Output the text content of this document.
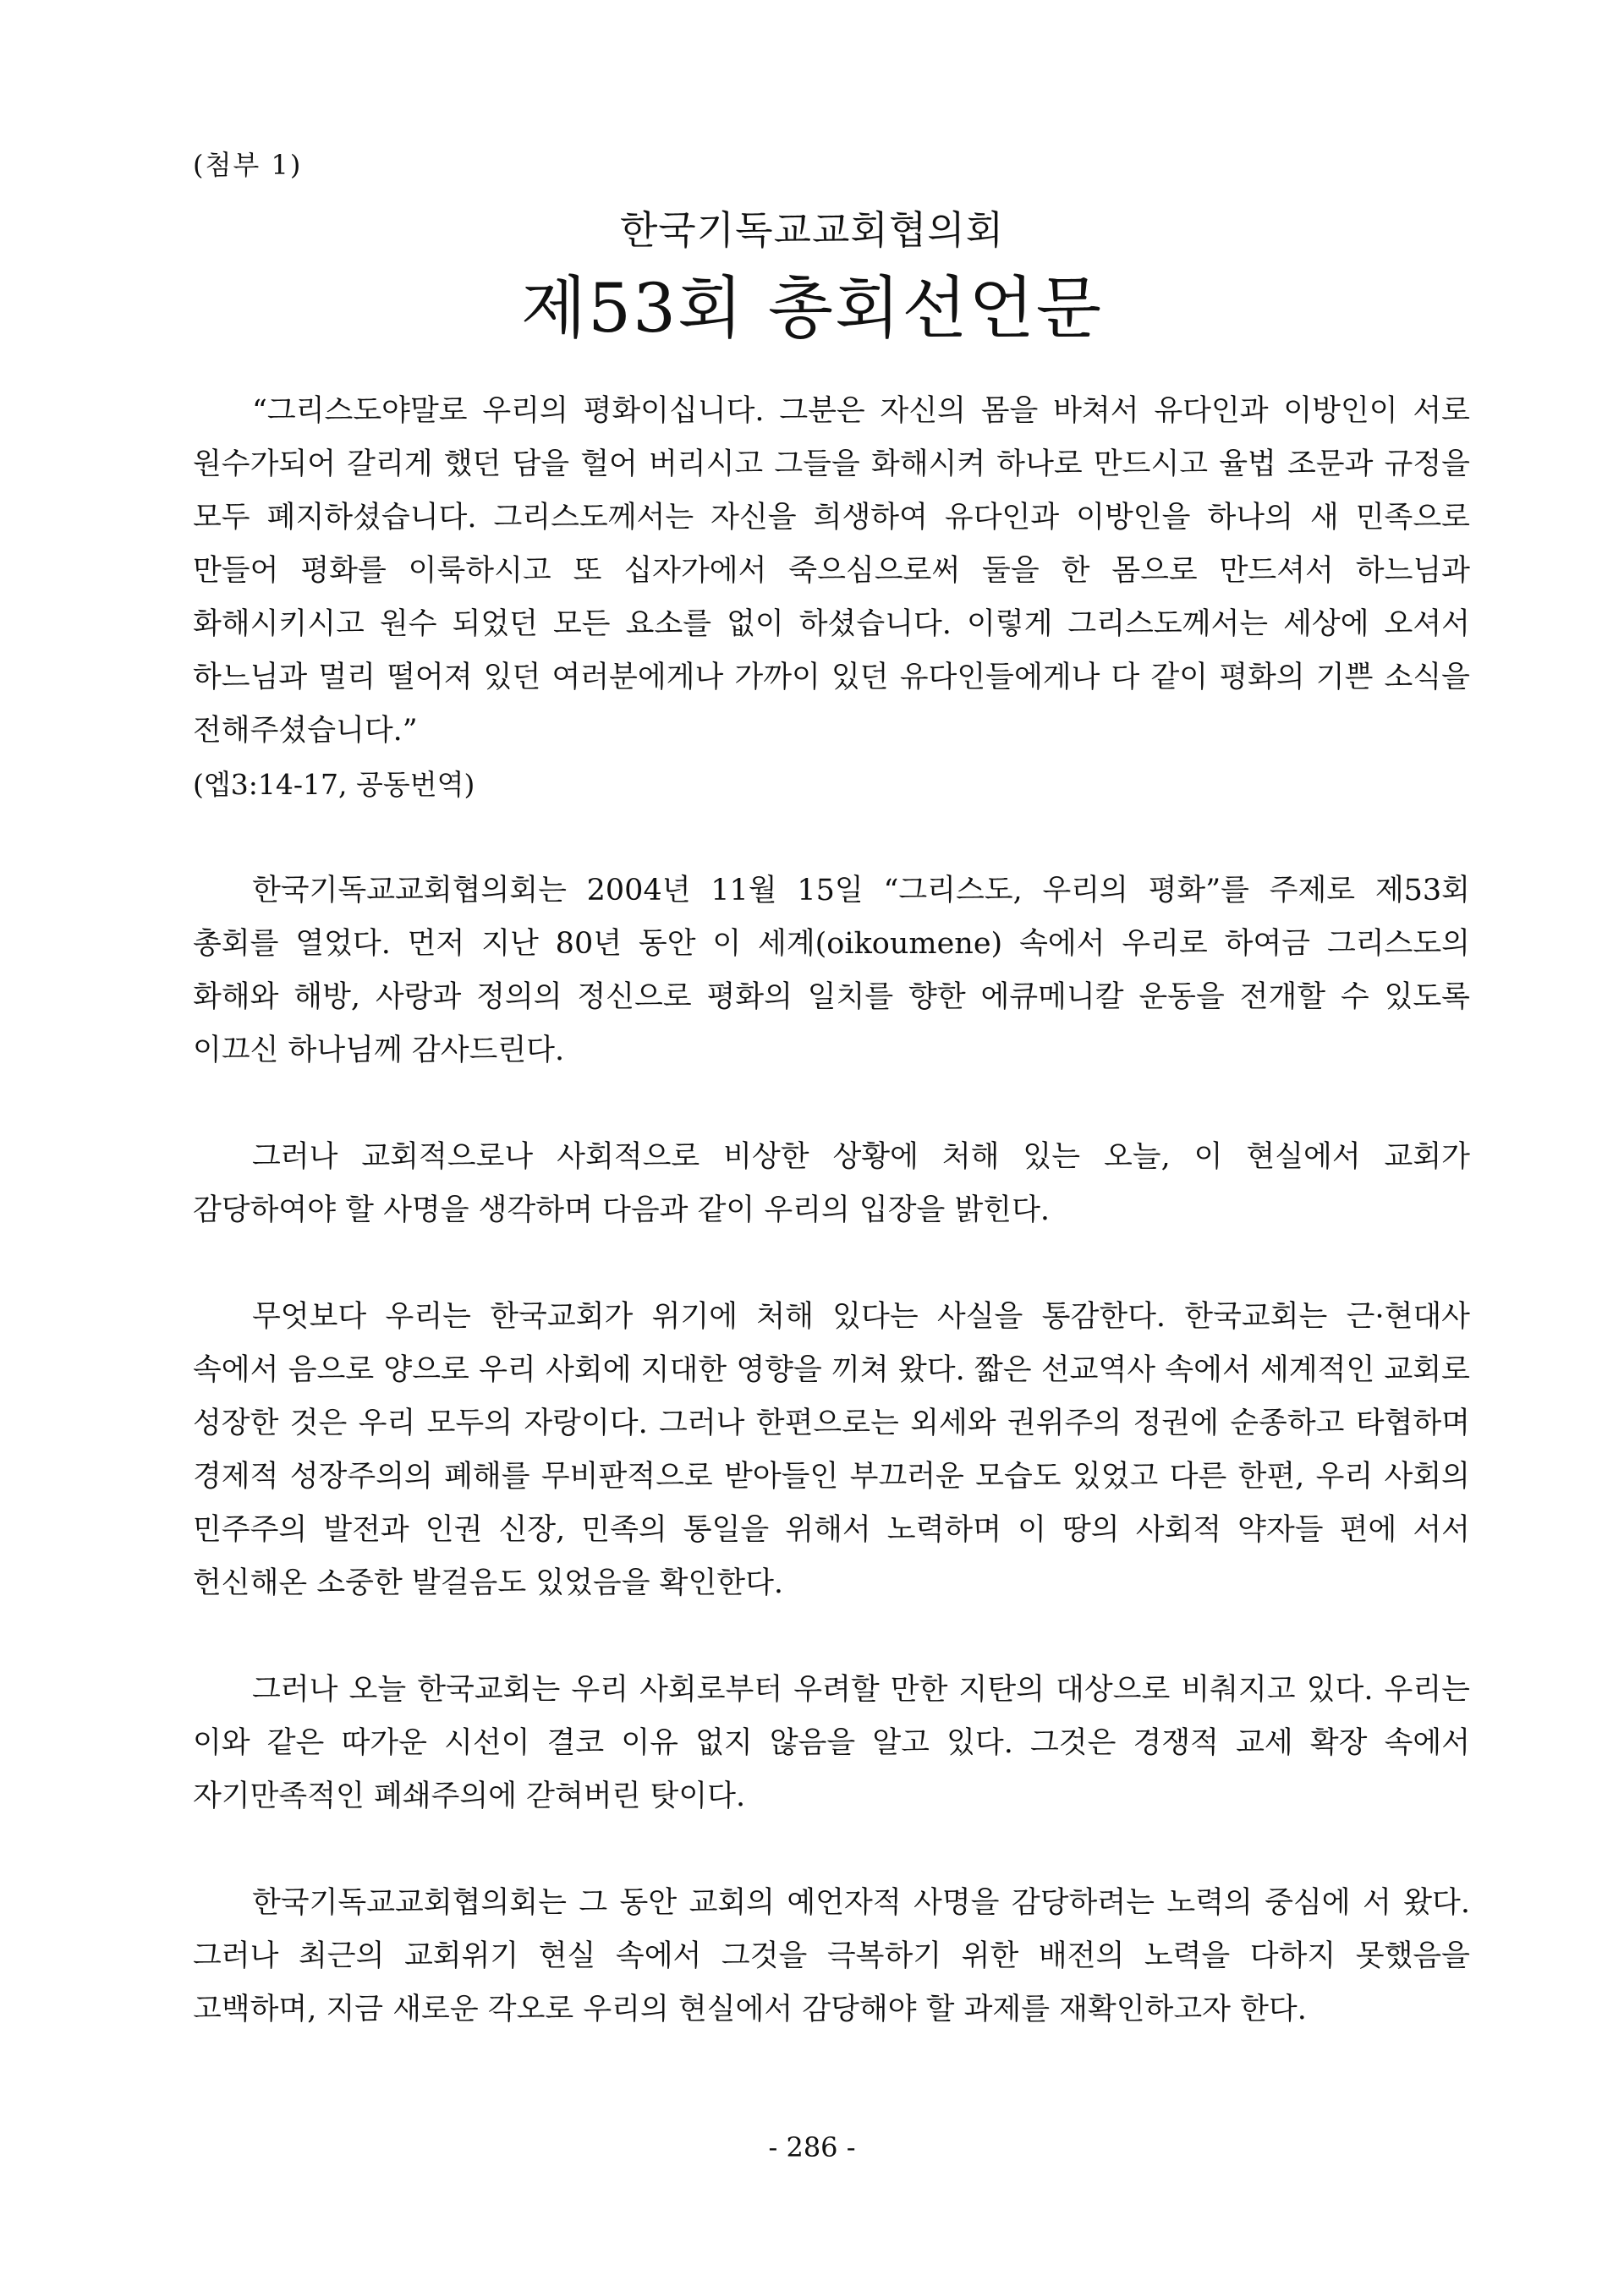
(첨부 1)
한국기독교교회협의회
제53회 총회선언문

“그리스도야말로 우리의 평화이십니다. 그분은 자신의 몸을 바쳐서 유다인과 이방인이 서로 원수가되어 갈리게 했던 담을 헐어 버리시고 그들을 화해시켜 하나로 만드시고 율법 조문과 규정을 모두 폐지하셨습니다. 그리스도께서는 자신을 희생하여 유다인과 이방인을 하나의 새 민족으로 만들어 평화를 이룩하시고 또 십자가에서 죽으심으로써 둘을 한 몸으로 만드셔서 하느님과 화해시키시고 원수 되었던 모든 요소를 없이 하셨습니다. 이렇게 그리스도께서는 세상에 오셔서 하느님과 멀리 떨어져 있던 여러분에게나 가까이 있던 유다인들에게나 다 같이 평화의 기쁜 소식을 전해주셨습니다.”

(엡3:14-17, 공동번역)

한국기독교교회협의회는 2004년 11월 15일 “그리스도, 우리의 평화”를 주제로 제53회 총회를 열었다. 먼저 지난 80년 동안 이 세계(oikoumene) 속에서 우리로 하여금 그리스도의 화해와 해방, 사랑과 정의의 정신으로 평화의 일치를 향한 에큐메니칼 운동을 전개할 수 있도록 이끄신 하나님께 감사드린다.

그러나 교회적으로나 사회적으로 비상한 상황에 처해 있는 오늘, 이 현실에서 교회가 감당하여야 할 사명을 생각하며 다음과 같이 우리의 입장을 밝힌다.

무엇보다 우리는 한국교회가 위기에 처해 있다는 사실을 통감한다. 한국교회는 근·현대사 속에서 음으로 양으로 우리 사회에 지대한 영향을 끼쳐 왔다. 짧은 선교역사 속에서 세계적인 교회로 성장한 것은 우리 모두의 자랑이다. 그러나 한편으로는 외세와 권위주의 정권에 순종하고 타협하며 경제적 성장주의의 폐해를 무비판적으로 받아들인 부끄러운 모습도 있었고 다른 한편, 우리 사회의 민주주의 발전과 인권 신장, 민족의 통일을 위해서 노력하며 이 땅의 사회적 약자들 편에 서서 헌신해온 소중한 발걸음도 있었음을 확인한다.

그러나 오늘 한국교회는 우리 사회로부터 우려할 만한 지탄의 대상으로 비춰지고 있다. 우리는 이와 같은 따가운 시선이 결코 이유 없지 않음을 알고 있다. 그것은 경쟁적 교세 확장 속에서 자기만족적인 폐쇄주의에 갇혀버린 탓이다.

한국기독교교회협의회는 그 동안 교회의 예언자적 사명을 감당하려는 노력의 중심에 서 왔다. 그러나 최근의 교회위기 현실 속에서 그것을 극복하기 위한 배전의 노력을 다하지 못했음을 고백하며, 지금 새로운 각오로 우리의 현실에서 감당해야 할 과제를 재확인하고자 한다.

- 286 -
